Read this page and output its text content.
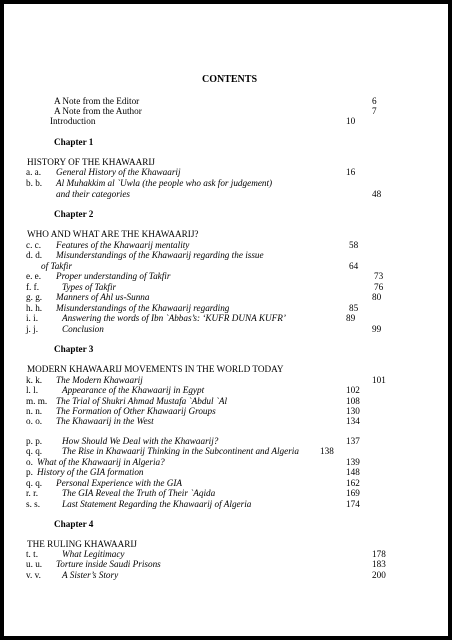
CONTENTS
A Note from the Editor	6
A Note from the Author	7
Introduction	10
Chapter 1
HISTORY OF THE KHAWAARIJ
a. a. General History of the Khawaarij	16
b. b. Al Muhakkim al `Uwla (the people who ask for judgement)
and their categories	48
Chapter 2
WHO AND WHAT ARE THE KHAWAARIJ?
c. c. Features of the Khawaarij mentality	58
d. d. Misunderstandings of the Khawaarij regarding the issue
of Takfir	64
e. e. Proper understanding of Takfir	73
f. f. Types of Takfir	76
g. g. Manners of Ahl us-Sunna	80
h. h. Misunderstandings of the Khawaarij regarding	85
i. i.	Answering the words of Ibn `Abbas’s: ‘KUFR DUNA KUFR’	89
j. j.	Conclusion	99
Chapter 3
MODERN KHAWAARIJ MOVEMENTS IN THE WORLD TODAY
k. k. The Modern Khawaarij	101
l. l.	Appearance of the Khawaarij in Egypt	102
m. m. The Trial of Shukri Ahmad Mustafa `Abdul `Al	108
n. n. The Formation of Other Khawaarij Groups	130
o. o. The Khawaarij in the West	134
p. p. How Should We Deal with the Khawaarij?	137
q. q. The Rise in Khawaarij Thinking in the Subcontinent and Algeria 138
o. What of the Khawaarij in Algeria?	139
p. History of the GIA formation	148
q. q. Personal Experience with the GIA	162
r. r.	The GIA Reveal the Truth of Their `Aqida	169
s. s. Last Statement Regarding the Khawaarij of Algeria	174
Chapter 4
THE RULING KHAWAARIJ
t. t.	What Legitimacy	178
u. u. Torture inside Saudi Prisons	183
v. v. A Sister’s Story	200
